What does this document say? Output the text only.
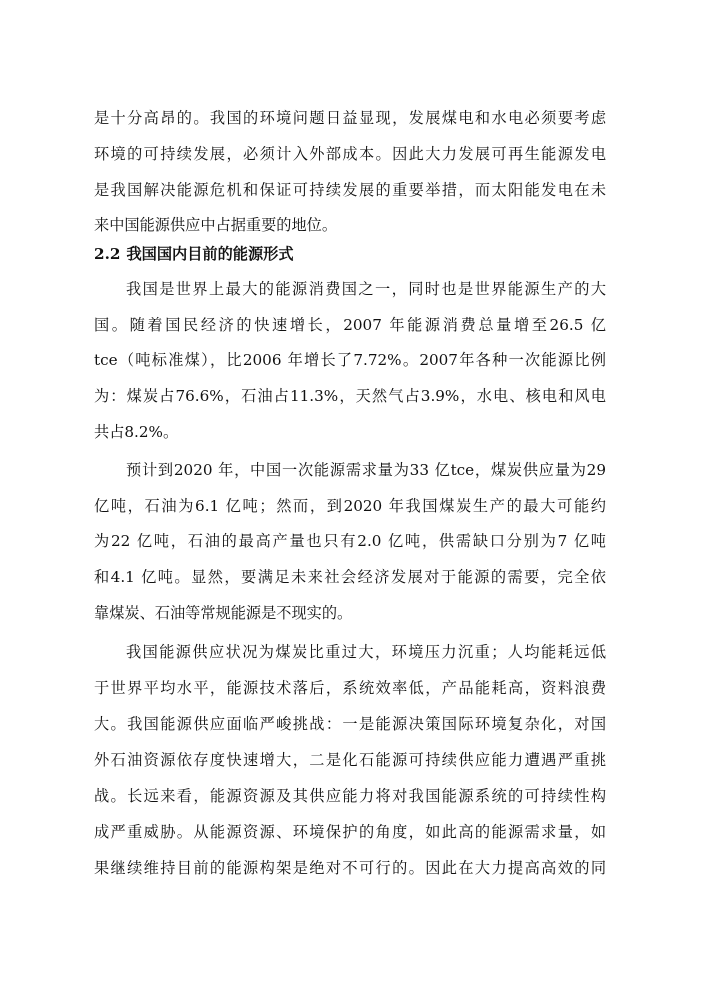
是十分高昂的。我国的环境问题日益显现，发展煤电和水电必须要考虑
环境的可持续发展，必须计入外部成本。因此大力发展可再生能源发电
是我国解决能源危机和保证可持续发展的重要举措，而太阳能发电在未
来中国能源供应中占据重要的地位。
2.2 我国国内目前的能源形式
我国是世界上最大的能源消费国之一，同时也是世界能源生产的大
国。随着国民经济的快速增长，2007 年能源消费总量增至26.5 亿
tce（吨标准煤），比2006 年增长了7.72%。2007年各种一次能源比例
为：煤炭占76.6%，石油占11.3%，天然气占3.9%，水电、核电和风电
共占8.2%。
预计到2020 年，中国一次能源需求量为33 亿tce，煤炭供应量为29
亿吨，石油为6.1 亿吨；然而，到2020 年我国煤炭生产的最大可能约
为22 亿吨，石油的最高产量也只有2.0 亿吨，供需缺口分别为7 亿吨
和4.1 亿吨。显然，要满足未来社会经济发展对于能源的需要，完全依
靠煤炭、石油等常规能源是不现实的。
我国能源供应状况为煤炭比重过大，环境压力沉重；人均能耗远低
于世界平均水平，能源技术落后，系统效率低，产品能耗高，资料浪费
大。我国能源供应面临严峻挑战：一是能源决策国际环境复杂化，对国
外石油资源依存度快速增大，二是化石能源可持续供应能力遭遇严重挑
战。长远来看，能源资源及其供应能力将对我国能源系统的可持续性构
成严重威胁。从能源资源、环境保护的角度，如此高的能源需求量，如
果继续维持目前的能源构架是绝对不可行的。因此在大力提高高效的同
